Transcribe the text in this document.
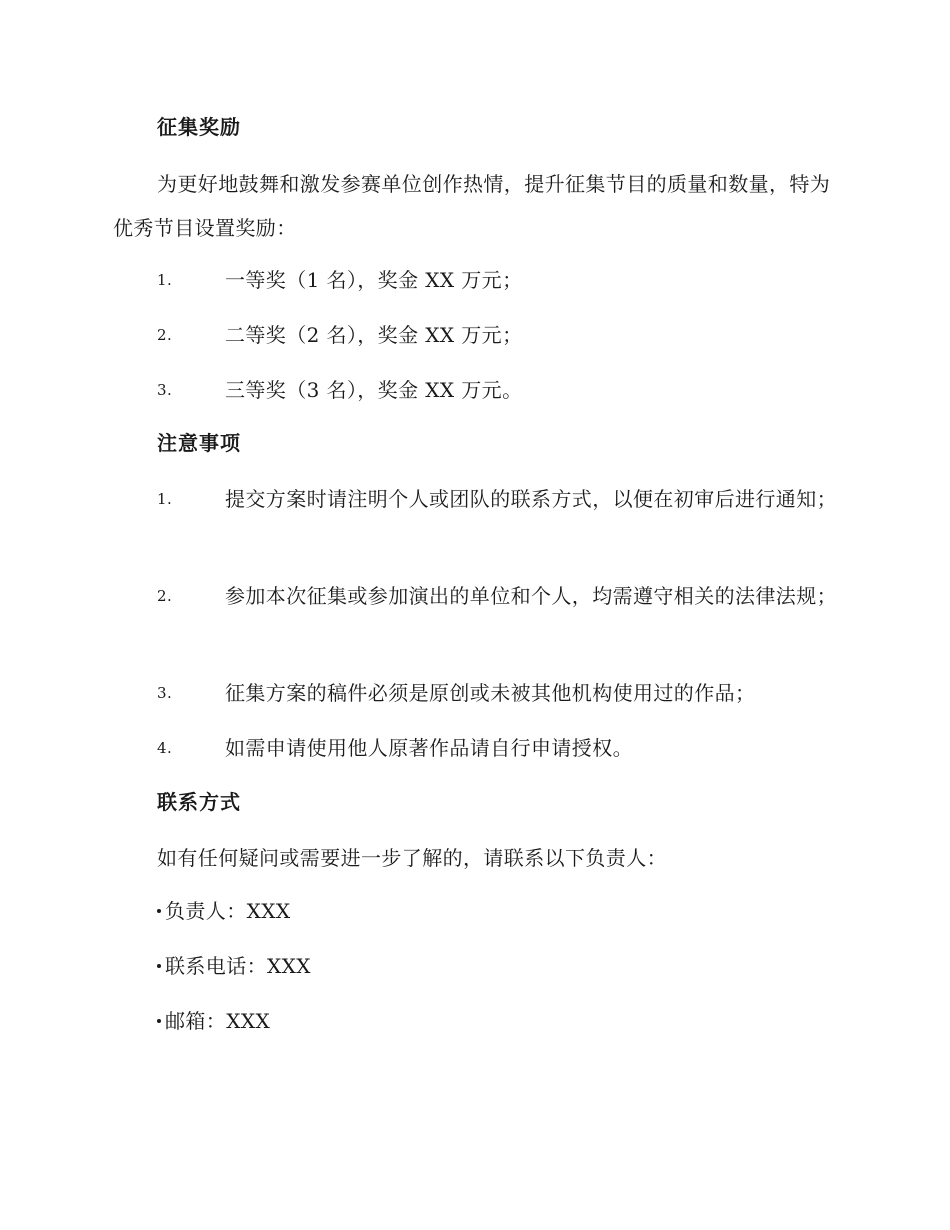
征集奖励
为更好地鼓舞和激发参赛单位创作热情，提升征集节目的质量和数量，特为优秀节目设置奖励：
1.	一等奖（1 名），奖金 XX 万元；
2.	二等奖（2 名），奖金 XX 万元；
3.	三等奖（3 名），奖金 XX 万元。
注意事项
1.	提交方案时请注明个人或团队的联系方式，以便在初审后进行通知；
2.	参加本次征集或参加演出的单位和个人，均需遵守相关的法律法规；
3.	征集方案的稿件必须是原创或未被其他机构使用过的作品；
4.	如需申请使用他人原著作品请自行申请授权。
联系方式
如有任何疑问或需要进一步了解的，请联系以下负责人：
负责人：XXX
联系电话：XXX
邮箱：XXX
